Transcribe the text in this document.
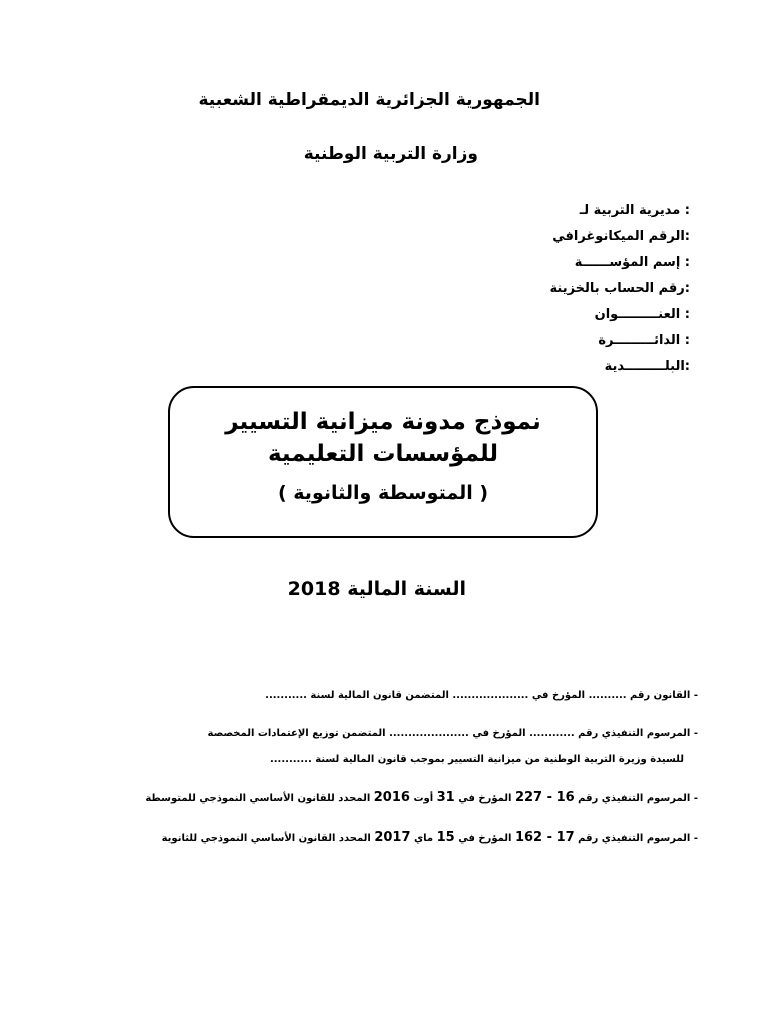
الجمهورية الجزائرية الديمقراطية الشعبية
وزارة التربية الوطنية
: مديرية التربية لـ
:الرقم الميكانوغرافي
: إسم المؤســــــة
:رقم الحساب بالخزينة
: العنـــــــــوان
: الدائـــــــــرة
:البلـــــــــدية
نموذج مدونة ميزانية التسيير
للمؤسسات التعليمية
( المتوسطة والثانوية )
السنة المالية 2018
- القانون رقم .......... المؤرخ في .................... المتضمن قانون المالية لسنة ...........
- المرسوم التنفيذي رقم ............ المؤرخ في ..................... المتضمن توزيع الإعتمادات المخصصة
للسيدة وزيرة التربية الوطنية من ميزانية التسيير بموجب قانون المالية لسنة ...........
- المرسوم التنفيذي رقم 16 - 227 المؤرخ في 31 أوت 2016 المحدد للقانون الأساسي النموذجي للمتوسطة
- المرسوم التنفيذي رقم 17 - 162 المؤرخ في 15 ماي 2017 المحدد القانون الأساسي النموذجي للثانوية
